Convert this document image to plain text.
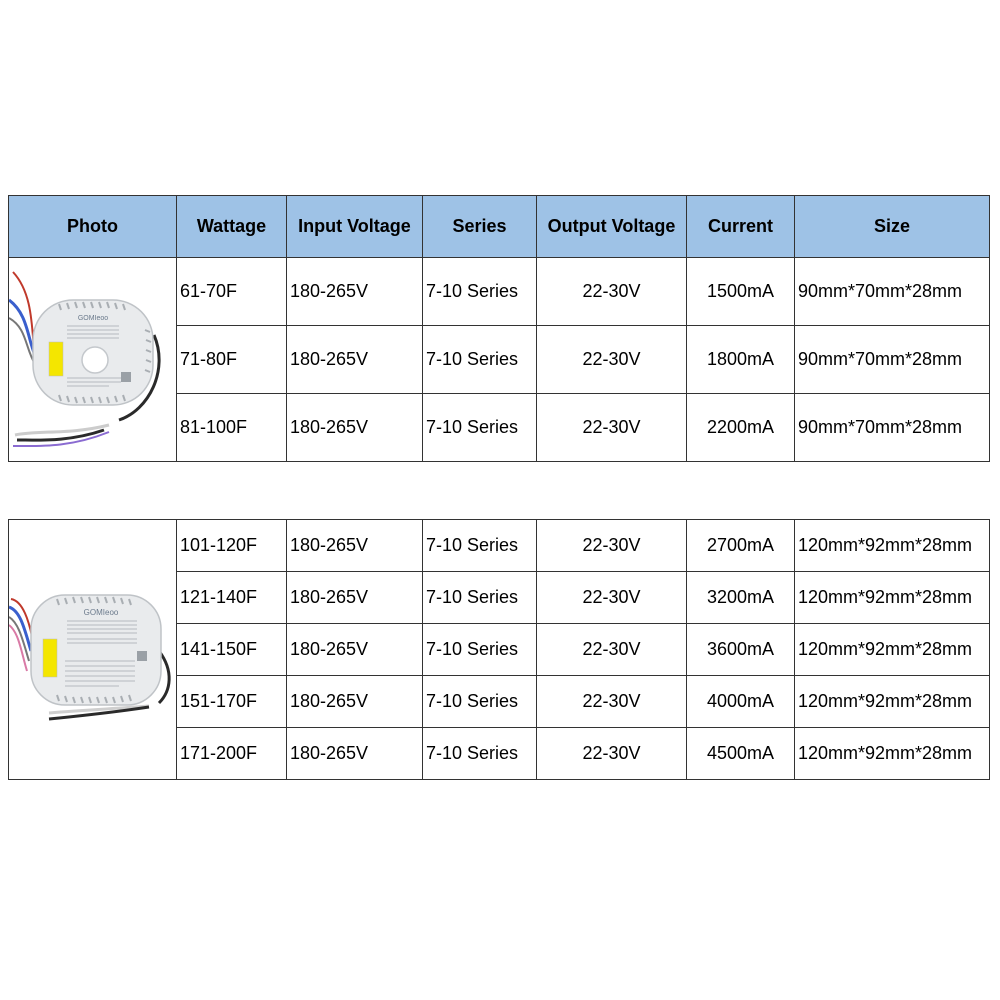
Photo	Wattage	Input Voltage	Series	Output Voltage	Current	Size

GOMIeoo	61-70F	180-265V	7-10 Series	22-30V	1500mA	90mm*70mm*28mm
	71-80F	180-265V	7-10 Series	22-30V	1800mA	90mm*70mm*28mm
	81-100F	180-265V	7-10 Series	22-30V	2200mA	90mm*70mm*28mm
GOMIeoo	101-120F	180-265V	7-10 Series	22-30V	2700mA	120mm*92mm*28mm
	121-140F	180-265V	7-10 Series	22-30V	3200mA	120mm*92mm*28mm
	141-150F	180-265V	7-10 Series	22-30V	3600mA	120mm*92mm*28mm
	151-170F	180-265V	7-10 Series	22-30V	4000mA	120mm*92mm*28mm
	171-200F	180-265V	7-10 Series	22-30V	4500mA	120mm*92mm*28mm
